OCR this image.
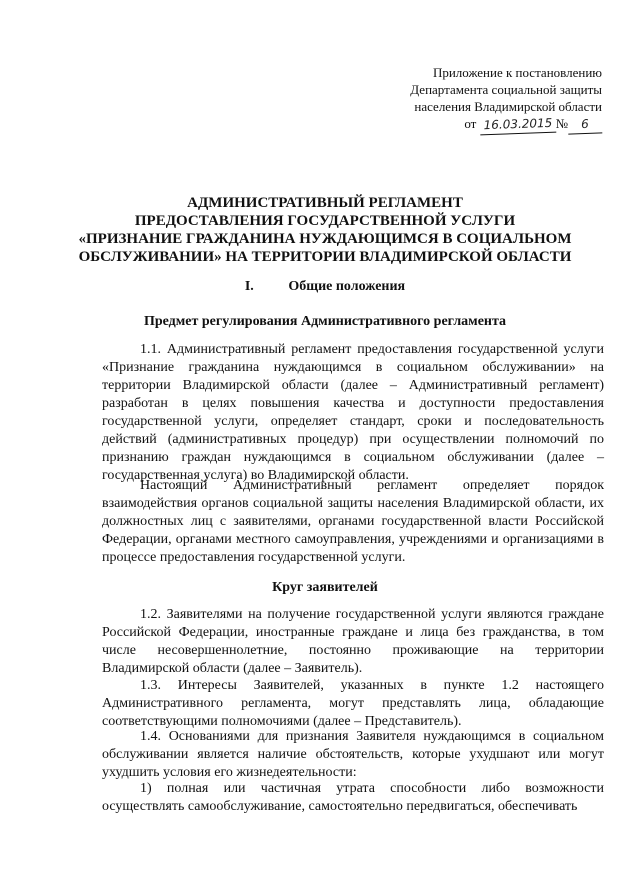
Приложение к постановлению
Департамента социальной защиты
населения Владимирской области
от 16.03.2015 № 6
АДМИНИСТРАТИВНЫЙ РЕГЛАМЕНТ
ПРЕДОСТАВЛЕНИЯ ГОСУДАРСТВЕННОЙ УСЛУГИ
«ПРИЗНАНИЕ ГРАЖДАНИНА НУЖДАЮЩИМСЯ В СОЦИАЛЬНОМ
ОБСЛУЖИВАНИИ» НА ТЕРРИТОРИИ ВЛАДИМИРСКОЙ ОБЛАСТИ
I. Общие положения
Предмет регулирования Административного регламента

1.1. Административный регламент предоставления государственной услуги «Признание гражданина нуждающимся в социальном обслуживании» на территории Владимирской области (далее – Административный регламент) разработан в целях повышения качества и доступности предоставления государственной услуги, определяет стандарт, сроки и последовательность действий (административных процедур) при осуществлении полномочий по признанию граждан нуждающимся в социальном обслуживании (далее – государственная услуга) во Владимирской области.

Настоящий Административный регламент определяет порядок взаимодействия органов социальной защиты населения Владимирской области, их должностных лиц с заявителями, органами государственной власти Российской Федерации, органами местного самоуправления, учреждениями и организациями в процессе предоставления государственной услуги.

Круг заявителей

1.2. Заявителями на получение государственной услуги являются граждане Российской Федерации, иностранные граждане и лица без гражданства, в том числе несовершеннолетние, постоянно проживающие на территории Владимирской области (далее – Заявитель).

1.3. Интересы Заявителей, указанных в пункте 1.2 настоящего Административного регламента, могут представлять лица, обладающие соответствующими полномочиями (далее – Представитель).

1.4. Основаниями для признания Заявителя нуждающимся в социальном обслуживании является наличие обстоятельств, которые ухудшают или могут ухудшить условия его жизнедеятельности:

1) полная или частичная утрата способности либо возможности осуществлять самообслуживание, самостоятельно передвигаться, обеспечивать
